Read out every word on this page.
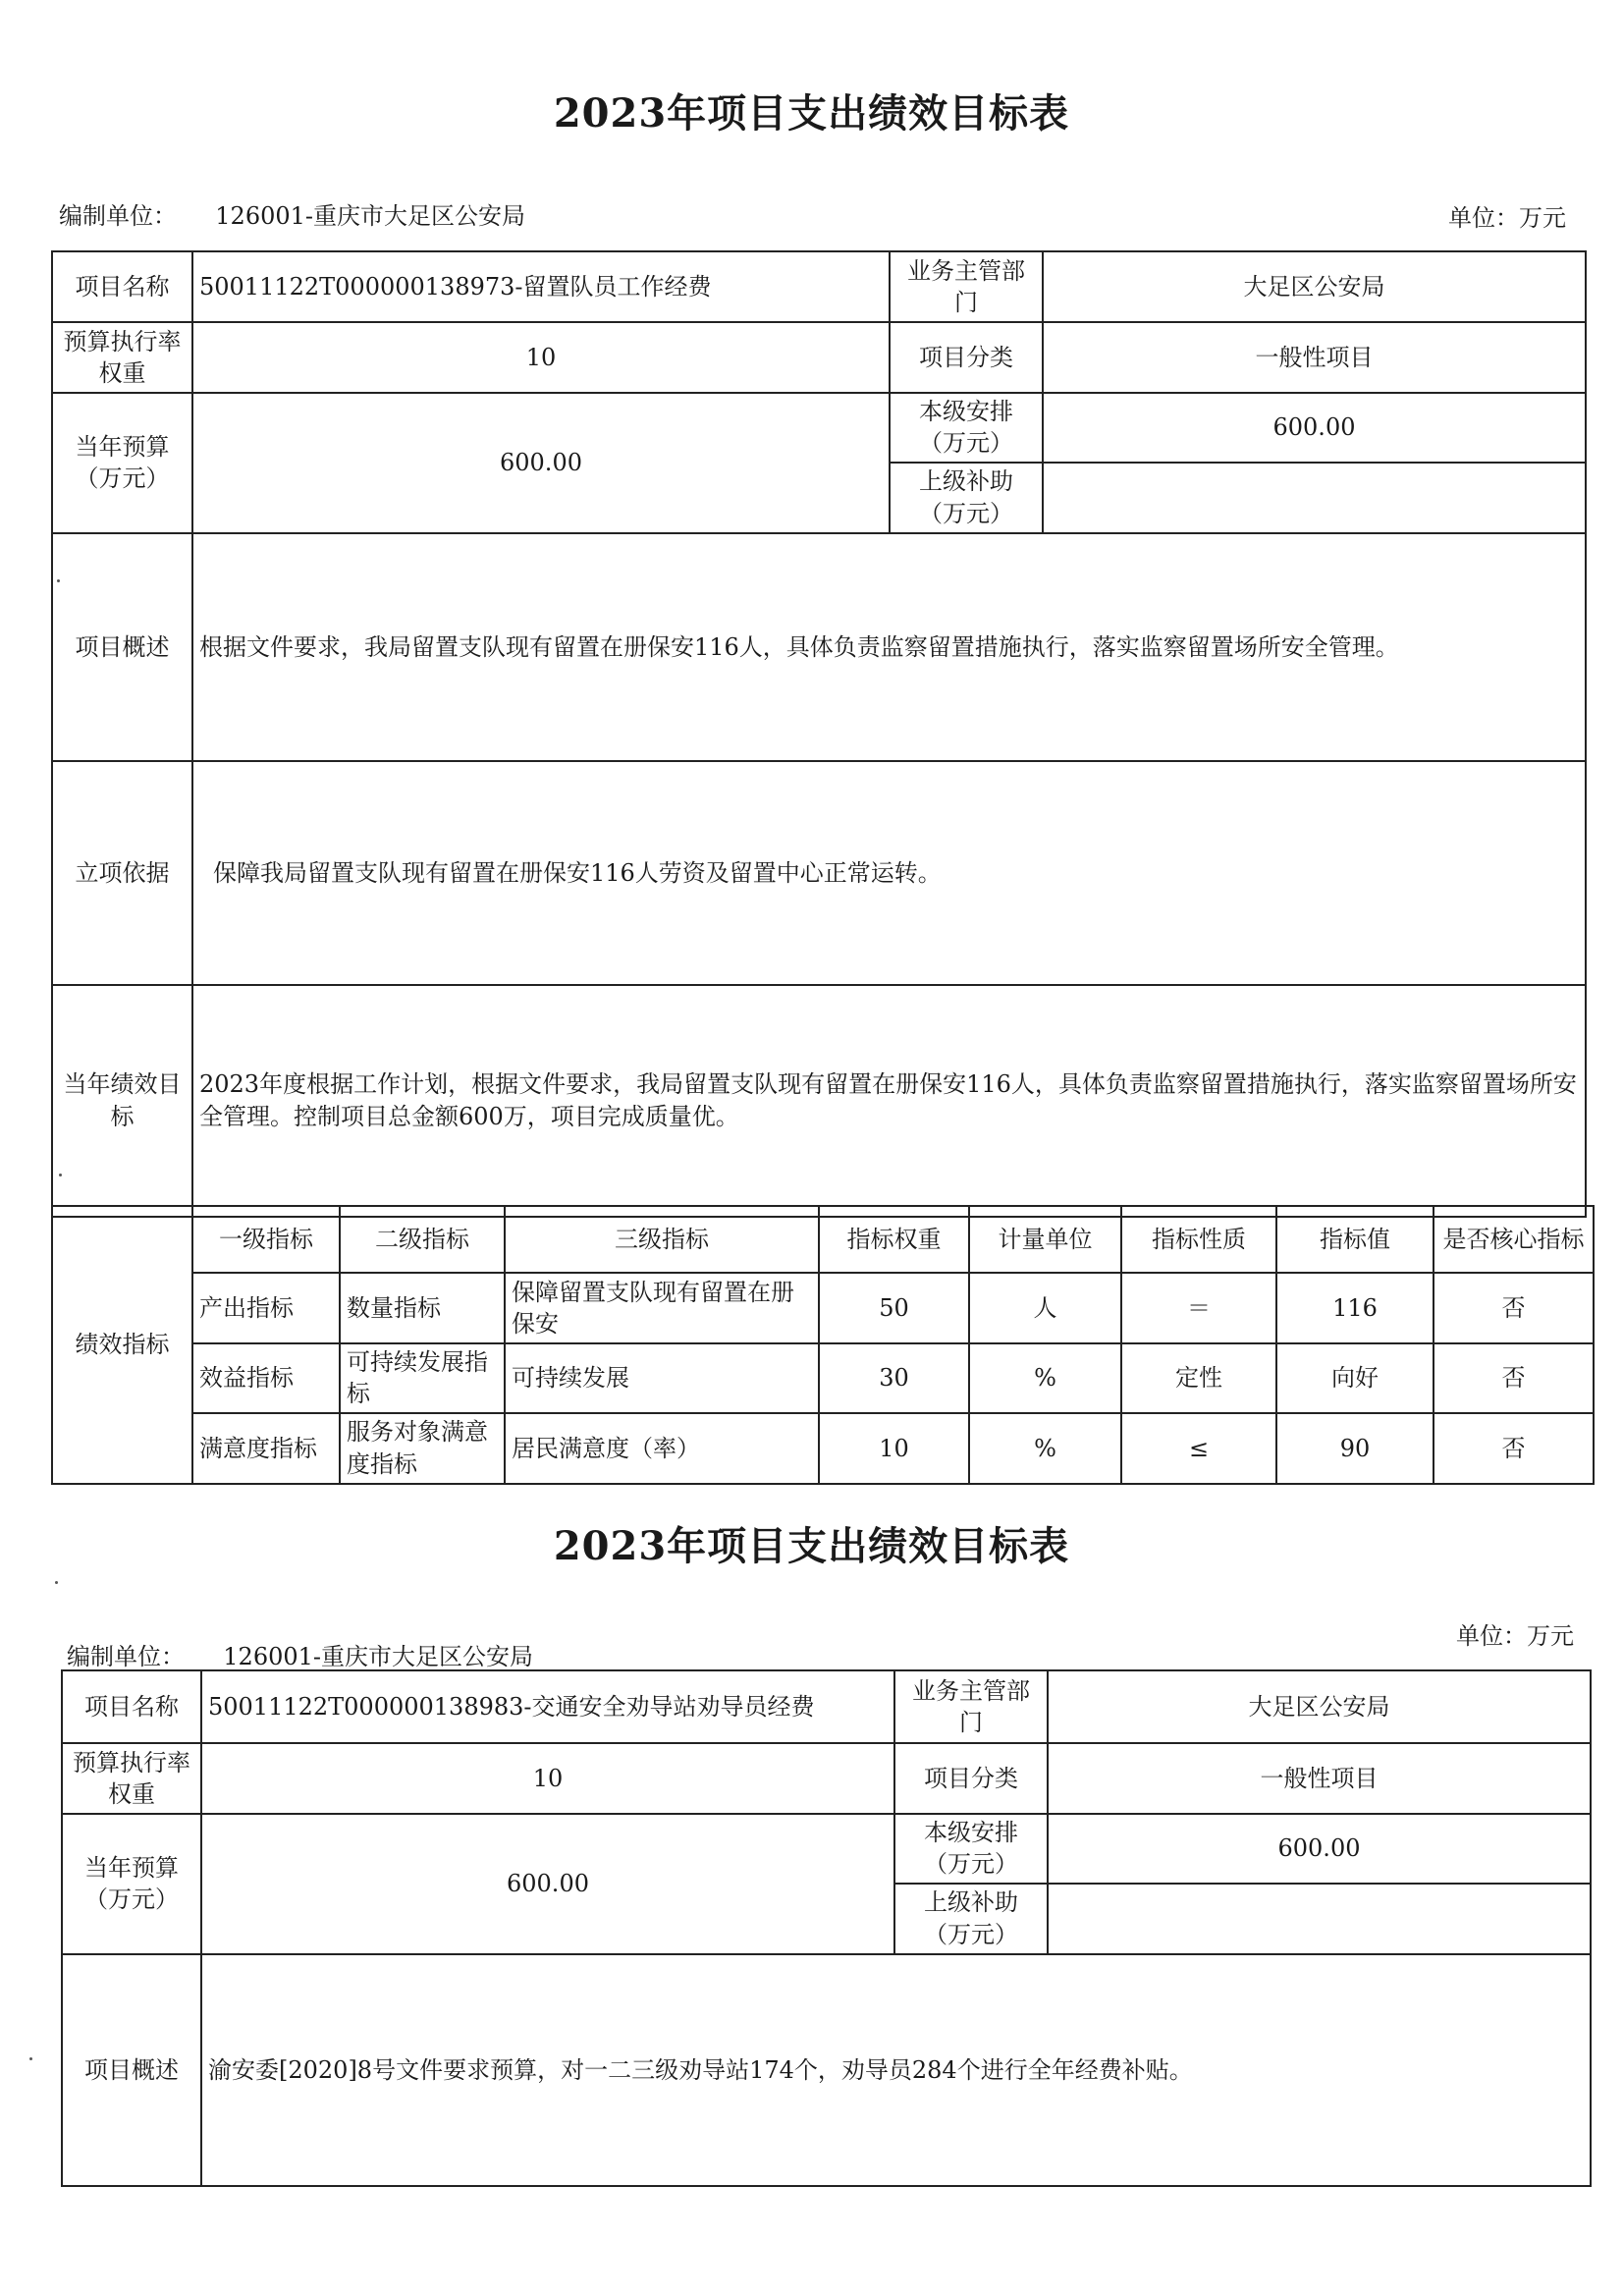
2023年项目支出绩效目标表
编制单位： 126001-重庆市大足区公安局	单位：万元
项目名称	50011122T000000138973-留置队员工作经费	业务主管部门	大足区公安局
预算执行率权重	10	项目分类	一般性项目
当年预算（万元）	600.00	本级安排（万元）	600.00
		上级补助（万元）	
项目概述	根据文件要求，我局留置支队现有留置在册保安116人，具体负责监察留置措施执行，落实监察留置场所安全管理。		
立项依据	保障我局留置支队现有留置在册保安116人劳资及留置中心正常运转。		
当年绩效目标	2023年度根据工作计划，根据文件要求，我局留置支队现有留置在册保安116人，具体负责监察留置措施执行，落实监察留置场所安全管理。控制项目总金额600万，项目完成质量优。		
绩效指标	一级指标	二级指标	三级指标	指标权重	计量单位	指标性质	指标值	是否核心指标
	产出指标	数量指标	保障留置支队现有留置在册保安	50	人	＝	116	否
	效益指标	可持续发展指标	可持续发展	30	%	定性	向好	否
	满意度指标	服务对象满意度指标	居民满意度（率）	10	%	≤	90	否
2023年项目支出绩效目标表
编制单位： 126001-重庆市大足区公安局
单位：万元
项目名称	50011122T000000138983-交通安全劝导站劝导员经费	业务主管部门	大足区公安局
预算执行率权重	10	项目分类	一般性项目
当年预算（万元）	600.00	本级安排（万元）	600.00
		上级补助（万元）	
项目概述	渝安委[2020]8号文件要求预算，对一二三级劝导站174个，劝导员284个进行全年经费补贴。		
